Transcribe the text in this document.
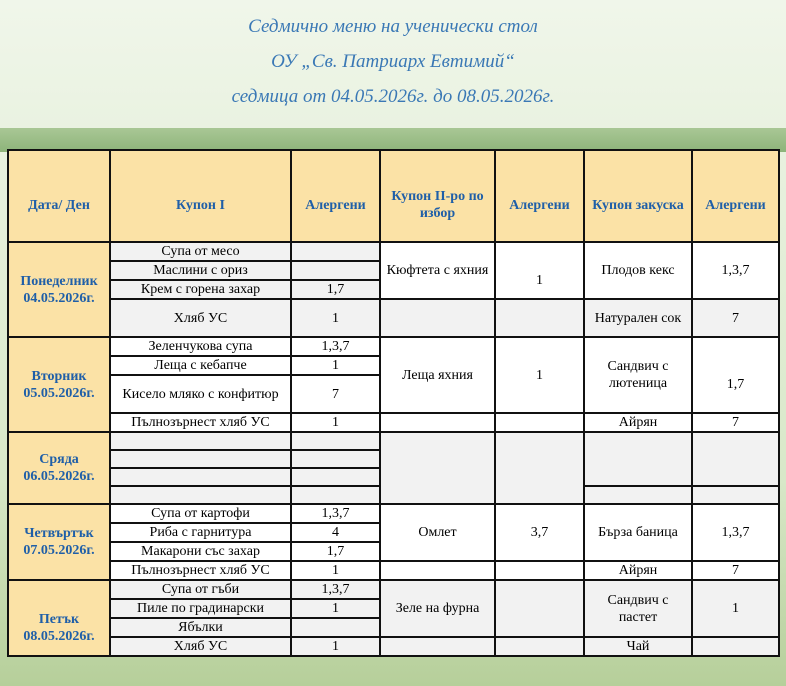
Седмично меню на ученически стол
ОУ „Св. Патриарх Евтимий“
седмица от 04.05.2026г. до 08.05.2026г.
Дата/ Ден	Купон I	Алергени	Купон II-ро по избор	Алергени	Купон закуска	Алергени
Понеделник 04.05.2026г.	Супа от месо		Кюфтета с яхния	1	Плодов кекс	1,3,7
	Маслини с ориз					
	Крем с горена захар	1,7				
	Хляб УС	1			Натурален сок	7
Вторник 05.05.2026г.	Зеленчукова супа	1,3,7	Леща яхния	1	Сандвич с лютеница	1,7
	Леща с кебапче	1				
	Кисело мляко с конфитюр	7				
	Пълнозърнест хляб УС	1			Айрян	7
Сряда 06.05.2026г.						

Четвъртък 07.05.2026г.	Супа от картофи	1,3,7	Омлет	3,7	Бърза баница	1,3,7
	Риба с гарнитура	4				
	Макарони със захар	1,7				
	Пълнозърнест хляб УС	1			Айрян	7
Петък 08.05.2026г.	Супа от гъби	1,3,7	Зеле на фурна		Сандвич с пастет	1
	Пиле по градинарски	1				
	Ябълки					
	Хляб УС	1			Чай	
